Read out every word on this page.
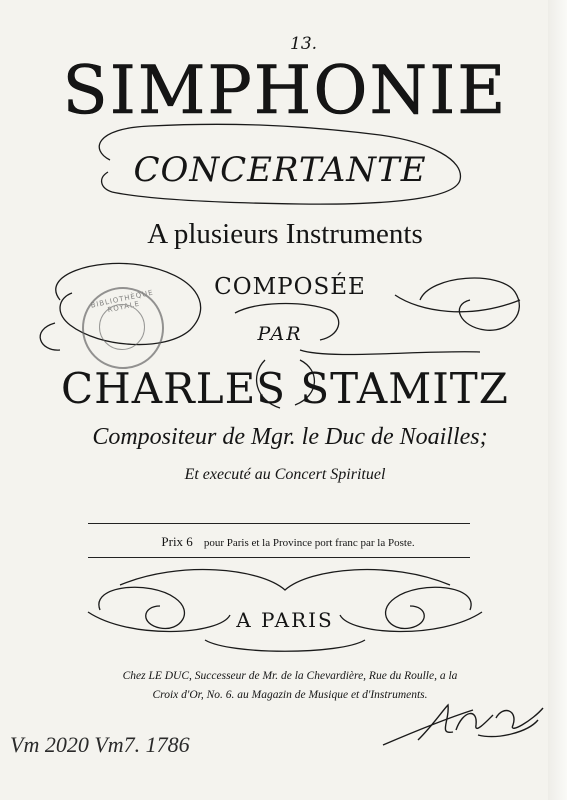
BIBLIOTHÈQUE ROYALE
13.
SIMPHONIE
CONCERTANTE
A plusieurs Instruments
COMPOSÉE
PAR
CHARLES STAMITZ
Compositeur de Mgr. le Duc de Noailles;
Et executé au Concert Spirituel
Prix 6 pour Paris et la Province port franc par la Poste.
A PARIS
Chez LE DUC, Successeur de Mr. de la Chevardière, Rue du Roulle, a la
Croix d'Or, No. 6. au Magazin de Musique et d'Instruments.
Vm 2020 Vm7. 1786
